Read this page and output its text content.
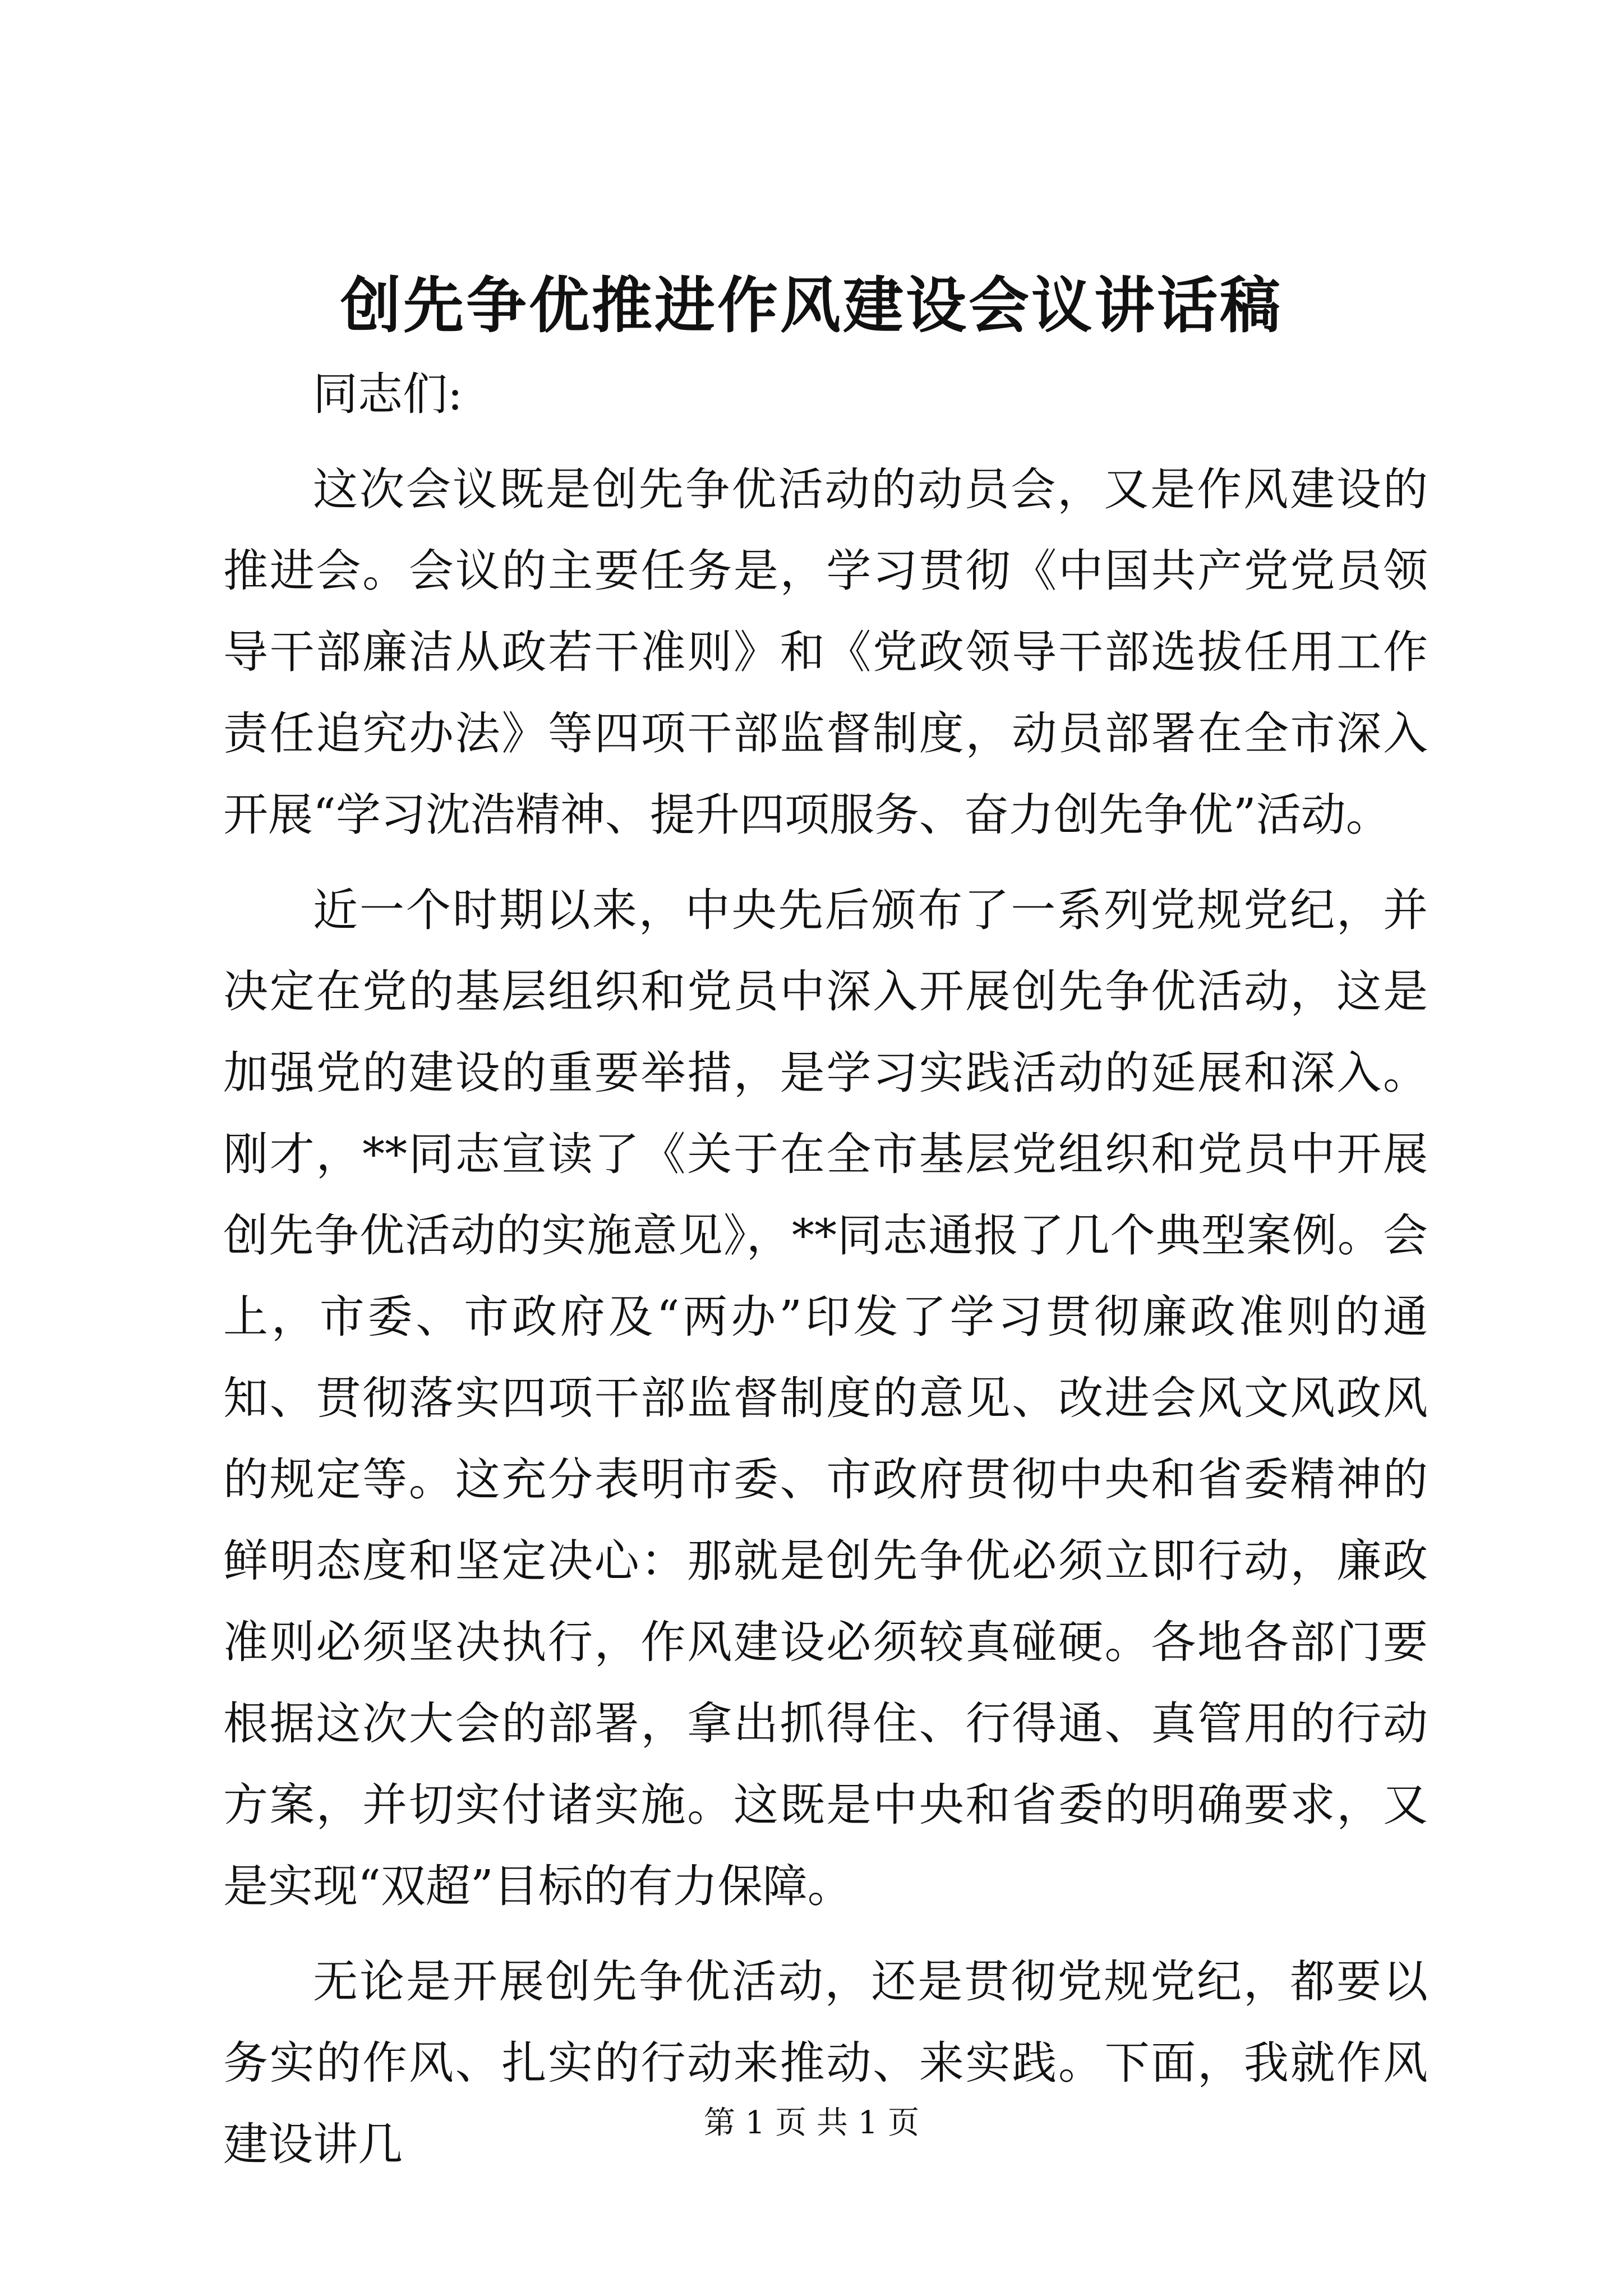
创先争优推进作风建设会议讲话稿

同志们:

这次会议既是创先争优活动的动员会，又是作风建设的推进会。会议的主要任务是，学习贯彻《中国共产党党员领导干部廉洁从政若干准则》和《党政领导干部选拔任用工作责任追究办法》等四项干部监督制度，动员部署在全市深入开展“学习沈浩精神、提升四项服务、奋力创先争优”活动。

近一个时期以来，中央先后颁布了一系列党规党纪，并决定在党的基层组织和党员中深入开展创先争优活动，这是加强党的建设的重要举措，是学习实践活动的延展和深入。刚才，**同志宣读了《关于在全市基层党组织和党员中开展创先争优活动的实施意见》，**同志通报了几个典型案例。会上，市委、市政府及“两办”印发了学习贯彻廉政准则的通知、贯彻落实四项干部监督制度的意见、改进会风文风政风的规定等。这充分表明市委、市政府贯彻中央和省委精神的鲜明态度和坚定决心：那就是创先争优必须立即行动，廉政准则必须坚决执行，作风建设必须较真碰硬。各地各部门要根据这次大会的部署，拿出抓得住、行得通、真管用的行动方案，并切实付诸实施。这既是中央和省委的明确要求，又是实现“双超”目标的有力保障。

无论是开展创先争优活动，还是贯彻党规党纪，都要以务实的作风、扎实的行动来推动、来实践。下面，我就作风建设讲几	第 1 页 共 1 页
